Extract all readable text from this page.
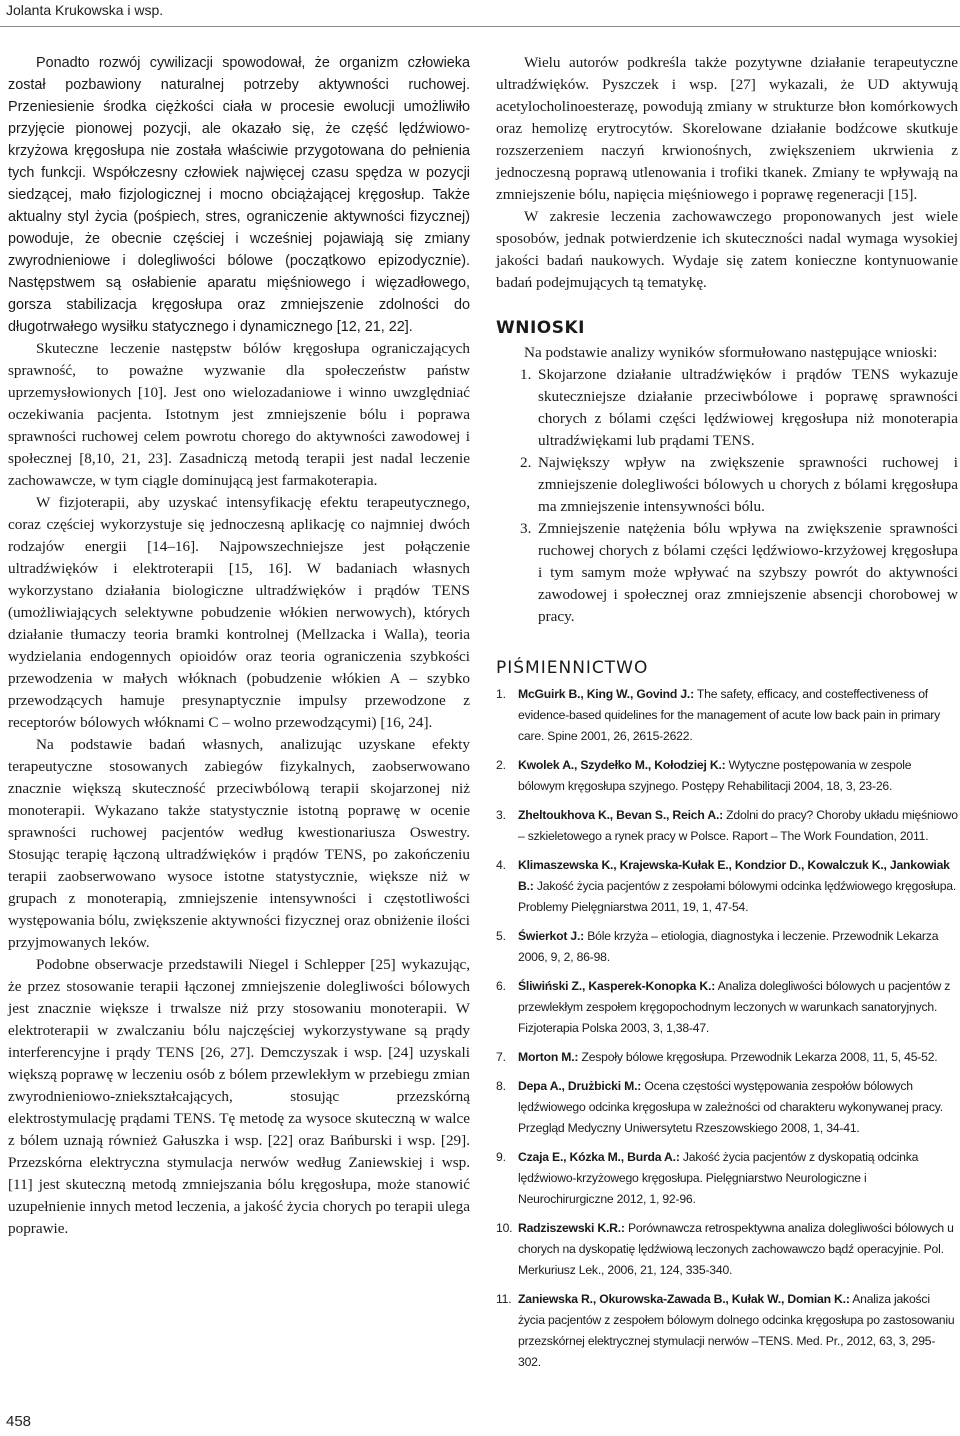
Jolanta Krukowska i wsp.

Ponadto rozwój cywilizacji spowodował, że organizm człowieka został pozbawiony naturalnej potrzeby aktywności ruchowej. Przeniesienie środka ciężkości ciała w procesie ewolucji umożliwiło przyjęcie pionowej pozycji, ale okazało się, że część lędźwiowo-krzyżowa kręgosłupa nie została właściwie przygotowana do pełnienia tych funkcji. Współczesny człowiek najwięcej czasu spędza w pozycji siedzącej, mało fizjologicznej i mocno obciążającej kręgosłup. Także aktualny styl życia (pośpiech, stres, ograniczenie aktywności fizycznej) powoduje, że obecnie częściej i wcześniej pojawiają się zmiany zwyrodnieniowe i dolegliwości bólowe (początkowo epizodycznie). Następstwem są osłabienie aparatu mięśniowego i więzadłowego, gorsza stabilizacja kręgosłupa oraz zmniejszenie zdolności do długotrwałego wysiłku statycznego i dynamicznego [12, 21, 22].

Skuteczne leczenie następstw bólów kręgosłupa ograniczających sprawność, to poważne wyzwanie dla społeczeństw państw uprzemysłowionych [10]. Jest ono wielozadaniowe i winno uwzględniać oczekiwania pacjenta. Istotnym jest zmniejszenie bólu i poprawa sprawności ruchowej celem powrotu chorego do aktywności zawodowej i społecznej [8,10, 21, 23]. Zasadniczą metodą terapii jest nadal leczenie zachowawcze, w tym ciągle dominującą jest farmakoterapia.

W fizjoterapii, aby uzyskać intensyfikację efektu terapeutycznego, coraz częściej wykorzystuje się jednoczesną aplikację co najmniej dwóch rodzajów energii [14–16]. Najpowszechniejsze jest połączenie ultradźwięków i elektroterapii [15, 16]. W badaniach własnych wykorzystano działania biologiczne ultradźwięków i prądów TENS (umożliwiających selektywne pobudzenie włókien nerwowych), których działanie tłumaczy teoria bramki kontrolnej (Mellzacka i Walla), teoria wydzielania endogennych opioidów oraz teoria ograniczenia szybkości przewodzenia w małych włóknach (pobudzenie włókien A – szybko przewodzących hamuje presynaptycznie impulsy przewodzone z receptorów bólowych włóknami C – wolno przewodzącymi) [16, 24].

Na podstawie badań własnych, analizując uzyskane efekty terapeutyczne stosowanych zabiegów fizykalnych, zaobserwowano znacznie większą skuteczność przeciwbólową terapii skojarzonej niż monoterapii. Wykazano także statystycznie istotną poprawę w ocenie sprawności ruchowej pacjentów według kwestionariusza Oswestry. Stosując terapię łączoną ultradźwięków i prądów TENS, po zakończeniu terapii zaobserwowano wysoce istotne statystycznie, większe niż w grupach z monoterapią, zmniejszenie intensywności i częstotliwości występowania bólu, zwiększenie aktywności fizycznej oraz obniżenie ilości przyjmowanych leków.

Podobne obserwacje przedstawili Niegel i Schlepper [25] wykazując, że przez stosowanie terapii łączonej zmniejszenie dolegliwości bólowych jest znacznie większe i trwalsze niż przy stosowaniu monoterapii. W elektroterapii w zwalczaniu bólu najczęściej wykorzystywane są prądy interferencyjne i prądy TENS [26, 27]. Demczyszak i wsp. [24] uzyskali większą poprawę w leczeniu osób z bólem przewlekłym w przebiegu zmian zwyrodnieniowo-zniekształcających, stosując przezskórną elektrostymulację prądami TENS. Tę metodę za wysoce skuteczną w walce z bólem uznają również Gałuszka i wsp. [22] oraz Bańburski i wsp. [29]. Przezskórna elektryczna stymulacja nerwów według Zaniewskiej i wsp. [11] jest skuteczną metodą zmniejszania bólu kręgosłupa, może stanowić uzupełnienie innych metod leczenia, a jakość życia chorych po terapii ulega poprawie.

Wielu autorów podkreśla także pozytywne działanie terapeutyczne ultradźwięków. Pyszczek i wsp. [27] wykazali, że UD aktywują acetylocholinoesterazę, powodują zmiany w strukturze błon komórkowych oraz hemolizę erytrocytów. Skorelowane działanie bodźcowe skutkuje rozszerzeniem naczyń krwionośnych, zwiększeniem ukrwienia z jednoczesną poprawą utlenowania i trofiki tkanek. Zmiany te wpływają na zmniejszenie bólu, napięcia mięśniowego i poprawę regeneracji [15].

W zakresie leczenia zachowawczego proponowanych jest wiele sposobów, jednak potwierdzenie ich skuteczności nadal wymaga wysokiej jakości badań naukowych. Wydaje się zatem konieczne kontynuowanie badań podejmujących tą tematykę.

WNIOSKI

Na podstawie analizy wyników sformułowano następujące wnioski:

1. Skojarzone działanie ultradźwięków i prądów TENS wykazuje skuteczniejsze działanie przeciwbólowe i poprawę sprawności chorych z bólami części lędźwiowej kręgosłupa niż monoterapia ultradźwiękami lub prądami TENS.
2. Największy wpływ na zwiększenie sprawności ruchowej i zmniejszenie dolegliwości bólowych u chorych z bólami kręgosłupa ma zmniejszenie intensywności bólu.
3. Zmniejszenie natężenia bólu wpływa na zwiększenie sprawności ruchowej chorych z bólami części lędźwiowo-krzyżowej kręgosłupa i tym samym może wpływać na szybszy powrót do aktywności zawodowej i społecznej oraz zmniejszenie absencji chorobowej w pracy.
PIŚMIENNICTWO
1. McGuirk B., King W., Govind J.: The safety, efficacy, and costeffectiveness of evidence-based quidelines for the management of acute low back pain in primary care. Spine 2001, 26, 2615-2622.
2. Kwolek A., Szydełko M., Kołodziej K.: Wytyczne postępowania w zespole bólowym kręgosłupa szyjnego. Postępy Rehabilitacji 2004, 18, 3, 23-26.
3. Zheltoukhova K., Bevan S., Reich A.: Zdolni do pracy? Choroby układu mięśniowo – szkieletowego a rynek pracy w Polsce. Raport – The Work Foundation, 2011.
4. Klimaszewska K., Krajewska-Kułak E., Kondzior D., Kowalczuk K., Jankowiak B.: Jakość życia pacjentów z zespołami bólowymi odcinka lędźwiowego kręgosłupa. Problemy Pielęgniarstwa 2011, 19, 1, 47-54.
5. Świerkot J.: Bóle krzyża – etiologia, diagnostyka i leczenie. Przewodnik Lekarza 2006, 9, 2, 86-98.
6. Śliwiński Z., Kasperek-Konopka K.: Analiza dolegliwości bólowych u pacjentów z przewlekłym zespołem kręgopochodnym leczonych w warunkach sanatoryjnych. Fizjoterapia Polska 2003, 3, 1,38-47.
7. Morton M.: Zespoły bólowe kręgosłupa. Przewodnik Lekarza 2008, 11, 5, 45-52.
8. Depa A., Drużbicki M.: Ocena częstości występowania zespołów bólowych lędźwiowego odcinka kręgosłupa w zależności od charakteru wykonywanej pracy. Przegląd Medyczny Uniwersytetu Rzeszowskiego 2008, 1, 34-41.
9. Czaja E., Kózka M., Burda A.: Jakość życia pacjentów z dyskopatią odcinka lędźwiowo-krzyżowego kręgosłupa. Pielęgniarstwo Neurologiczne i Neurochirurgiczne 2012, 1, 92-96.
10. Radziszewski K.R.: Porównawcza retrospektywna analiza dolegliwości bólowych u chorych na dyskopatię lędźwiową leczonych zachowawczo bądź operacyjnie. Pol. Merkuriusz Lek., 2006, 21, 124, 335-340.
11. Zaniewska R., Okurowska-Zawada B., Kułak W., Domian K.: Analiza jakości życia pacjentów z zespołem bólowym dolnego odcinka kręgosłupa po zastosowaniu przezskórnej elektrycznej stymulacji nerwów –TENS. Med. Pr., 2012, 63, 3, 295-302.
458
